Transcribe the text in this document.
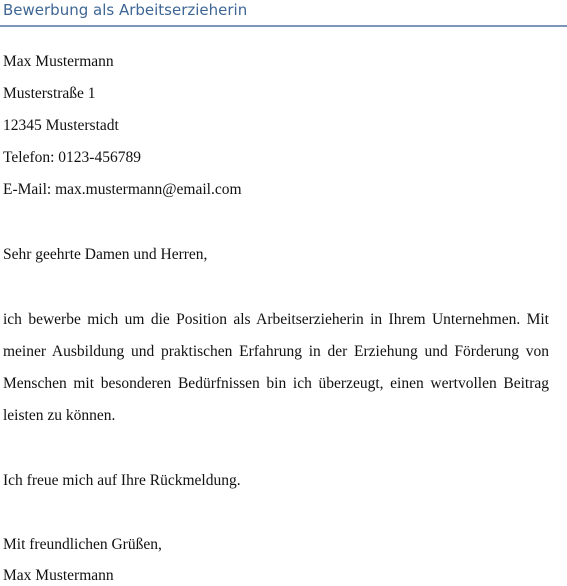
Bewerbung als Arbeitserzieherin
Max Mustermann
Musterstraße 1
12345 Musterstadt
Telefon: 0123-456789
E-Mail: max.mustermann@email.com
Sehr geehrte Damen und Herren,
ich bewerbe mich um die Position als Arbeitserzieherin in Ihrem Unternehmen. Mit
meiner Ausbildung und praktischen Erfahrung in der Erziehung und Förderung von
Menschen mit besonderen Bedürfnissen bin ich überzeugt, einen wertvollen Beitrag
leisten zu können.
Ich freue mich auf Ihre Rückmeldung.
Mit freundlichen Grüßen,
Max Mustermann
